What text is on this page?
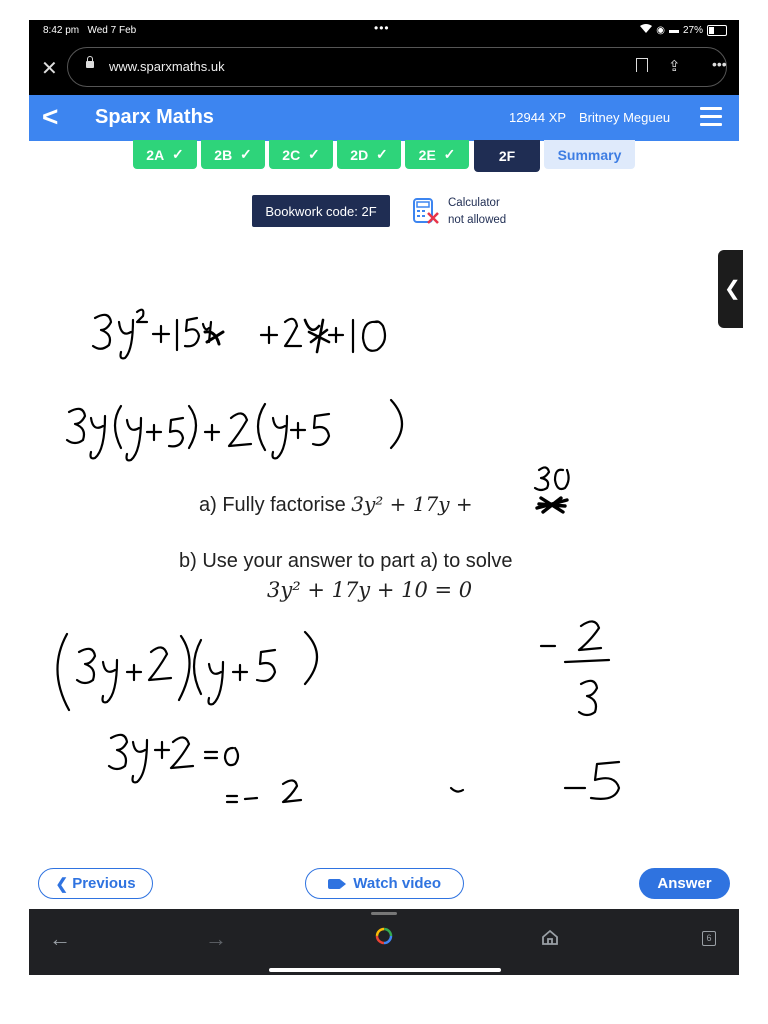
8:42 pm Wed 7 Feb	•••	◉ ▬ 27%
✕	www.sparxmaths.uk	⇪ •••
< Sparx Maths	12944 XP Britney Megueu
2A
✓ 2B
✓ 2C
✓ 2D
✓ 2E
✓	2F	Summary
Bookwork code: 2F
Calculator
not allowed
❮
a) Fully factorise 3y² + 17y +
b) Use your answer to part a) to solve
3y² + 17y + 10 = 0
❮ Previous
	Watch video	Answer
←	→	6
